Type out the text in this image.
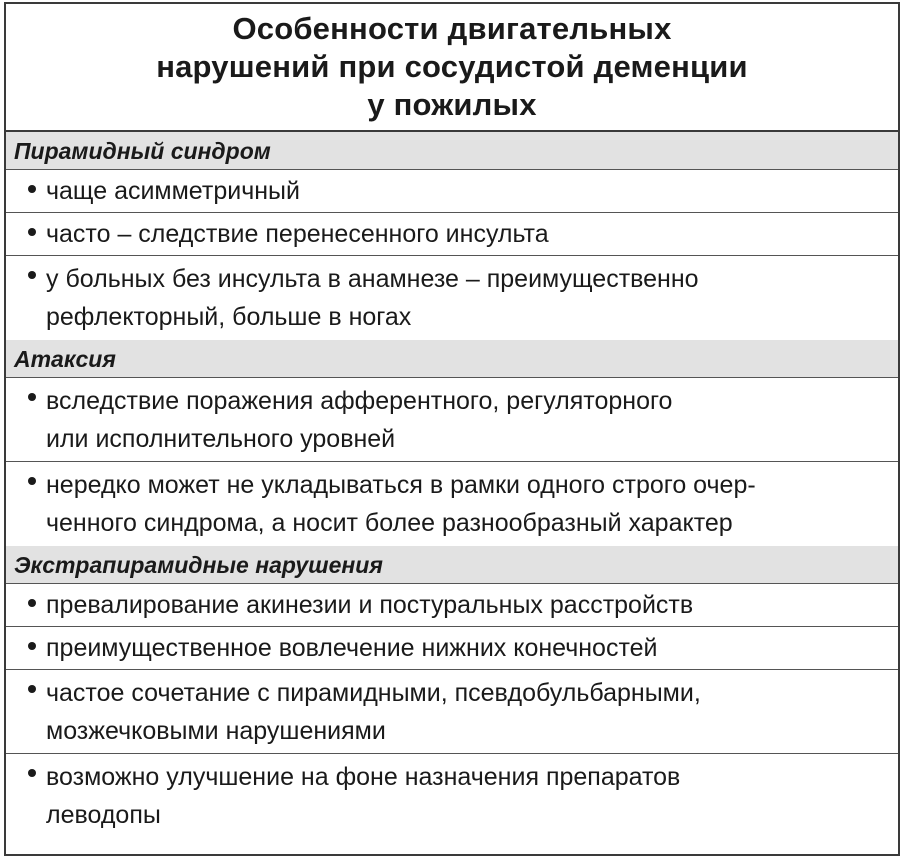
Особенности двигательных
нарушений при сосудистой деменции
у пожилых
Пирамидный синдром
чаще асимметричный
часто – следствие перенесенного инсульта
у больных без инсульта в анамнезе – преимущественно
рефлекторный, больше в ногах
Атаксия
вследствие поражения афферентного, регуляторного
или исполнительного уровней
нередко может не укладываться в рамки одного строго очер-
ченного синдрома, а носит более разнообразный характер
Экстрапирамидные нарушения
превалирование акинезии и постуральных расстройств
преимущественное вовлечение нижних конечностей
частое сочетание с пирамидными, псевдобульбарными,
мозжечковыми нарушениями
возможно улучшение на фоне назначения препаратов
леводопы
